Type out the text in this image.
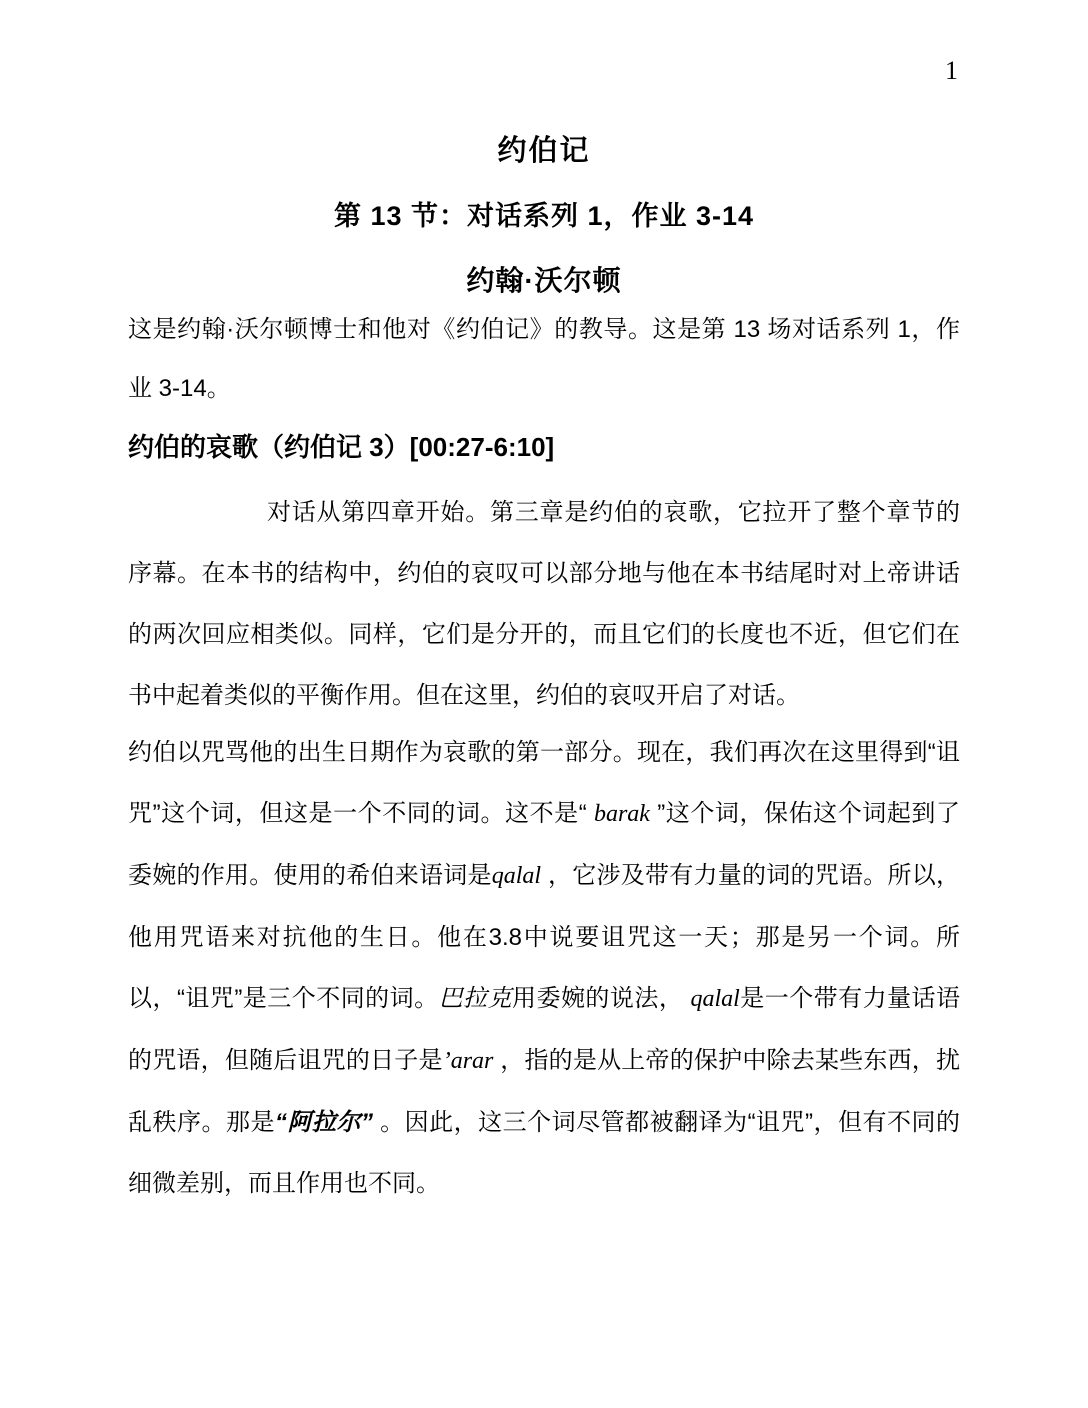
1
约伯记
第 13 节：对话系列 1，作业 3-14
约翰·沃尔顿

这是约翰·沃尔顿博士和他对《约伯记》的教导。这是第 13 场对话系列 1，作业 3-14。

约伯的哀歌（约伯记 3）[00:27-6:10]

对话从第四章开始。第三章是约伯的哀歌，它拉开了整个章节的序幕。在本书的结构中，约伯的哀叹可以部分地与他在本书结尾时对上帝讲话的两次回应相类似。同样，它们是分开的，而且它们的长度也不近，但它们在书中起着类似的平衡作用。但在这里，约伯的哀叹开启了对话。

约伯以咒骂他的出生日期作为哀歌的第一部分。现在，我们再次在这里得到“诅咒”这个词，但这是一个不同的词。这不是“ barak ”这个词，保佑这个词起到了委婉的作用。使用的希伯来语词是qalal ，它涉及带有力量的词的咒语。所以，他用咒语来对抗他的生日。他在3.8中说要诅咒这一天；那是另一个词。所以，“诅咒”是三个不同的词。巴拉克用委婉的说法， qalal是一个带有力量话语的咒语，但随后诅咒的日子是’arar ，指的是从上帝的保护中除去某些东西，扰乱秩序。那是“阿拉尔” 。因此，这三个词尽管都被翻译为“诅咒”，但有不同的细微差别，而且作用也不同。
